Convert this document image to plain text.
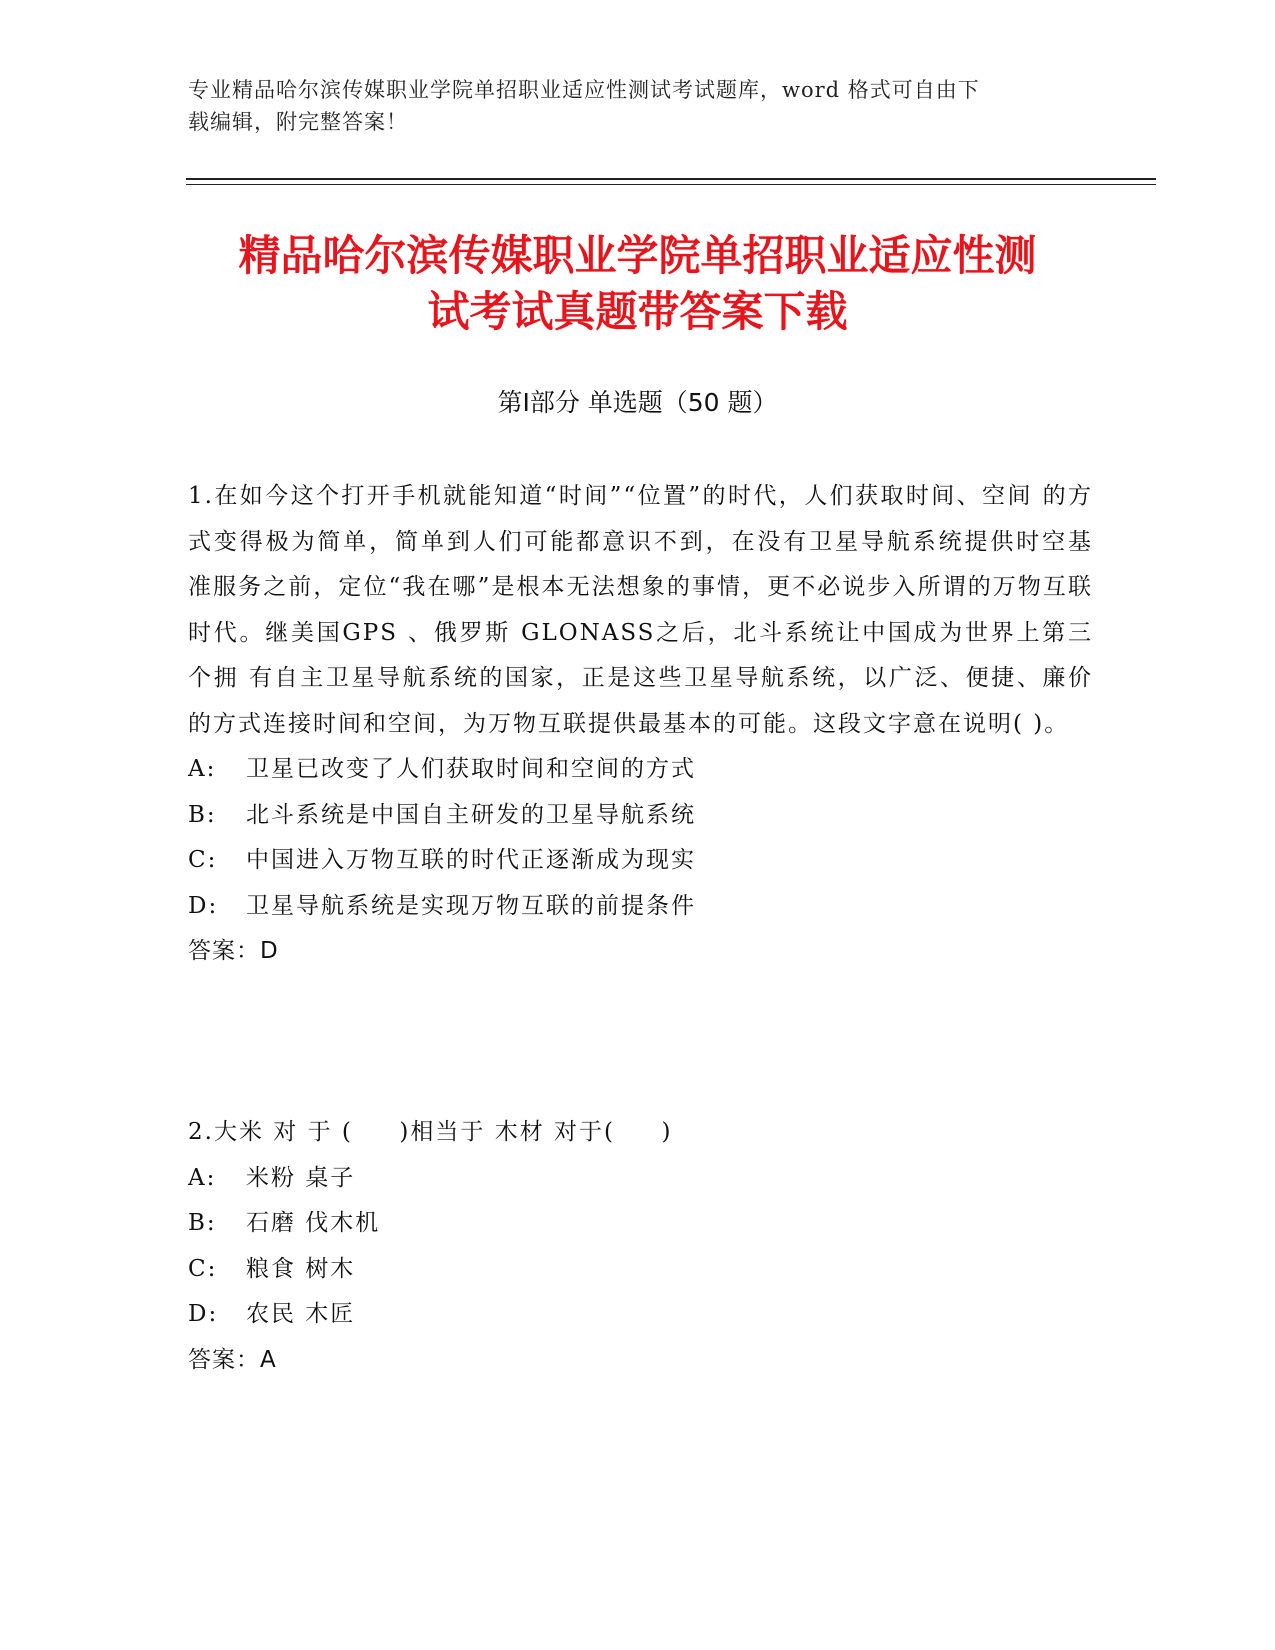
专业精品哈尔滨传媒职业学院单招职业适应性测试考试题库，word 格式可自由下
载编辑，附完整答案！
精品哈尔滨传媒职业学院单招职业适应性测
试考试真题带答案下载
第Ⅰ部分 单选题（50 题）

1.在如今这个打开手机就能知道“时间”“位置”的时代，人们获取时间、空间 的方式变得极为简单，简单到人们可能都意识不到，在没有卫星导航系统提供时空基 准服务之前，定位“我在哪”是根本无法想象的事情，更不必说步入所谓的万物互联 时代。继美国GPS 、俄罗斯 GLONASS之后，北斗系统让中国成为世界上第三个拥 有自主卫星导航系统的国家，正是这些卫星导航系统，以广泛、便捷、廉价的方式连接时间和空间，为万物互联提供最基本的可能。这段文字意在说明( )。

A:	卫星已改变了人们获取时间和空间的方式
B:	北斗系统是中国自主研发的卫星导航系统
C:	中国进入万物互联的时代正逐渐成为现实
D:	卫星导航系统是实现万物互联的前提条件
答案：D

2.大米 对 于 (     )相当于 木材 对于(     )

A:	米粉 桌子
B:	石磨 伐木机
C:	粮食 树木
D:	农民 木匠
答案：A
